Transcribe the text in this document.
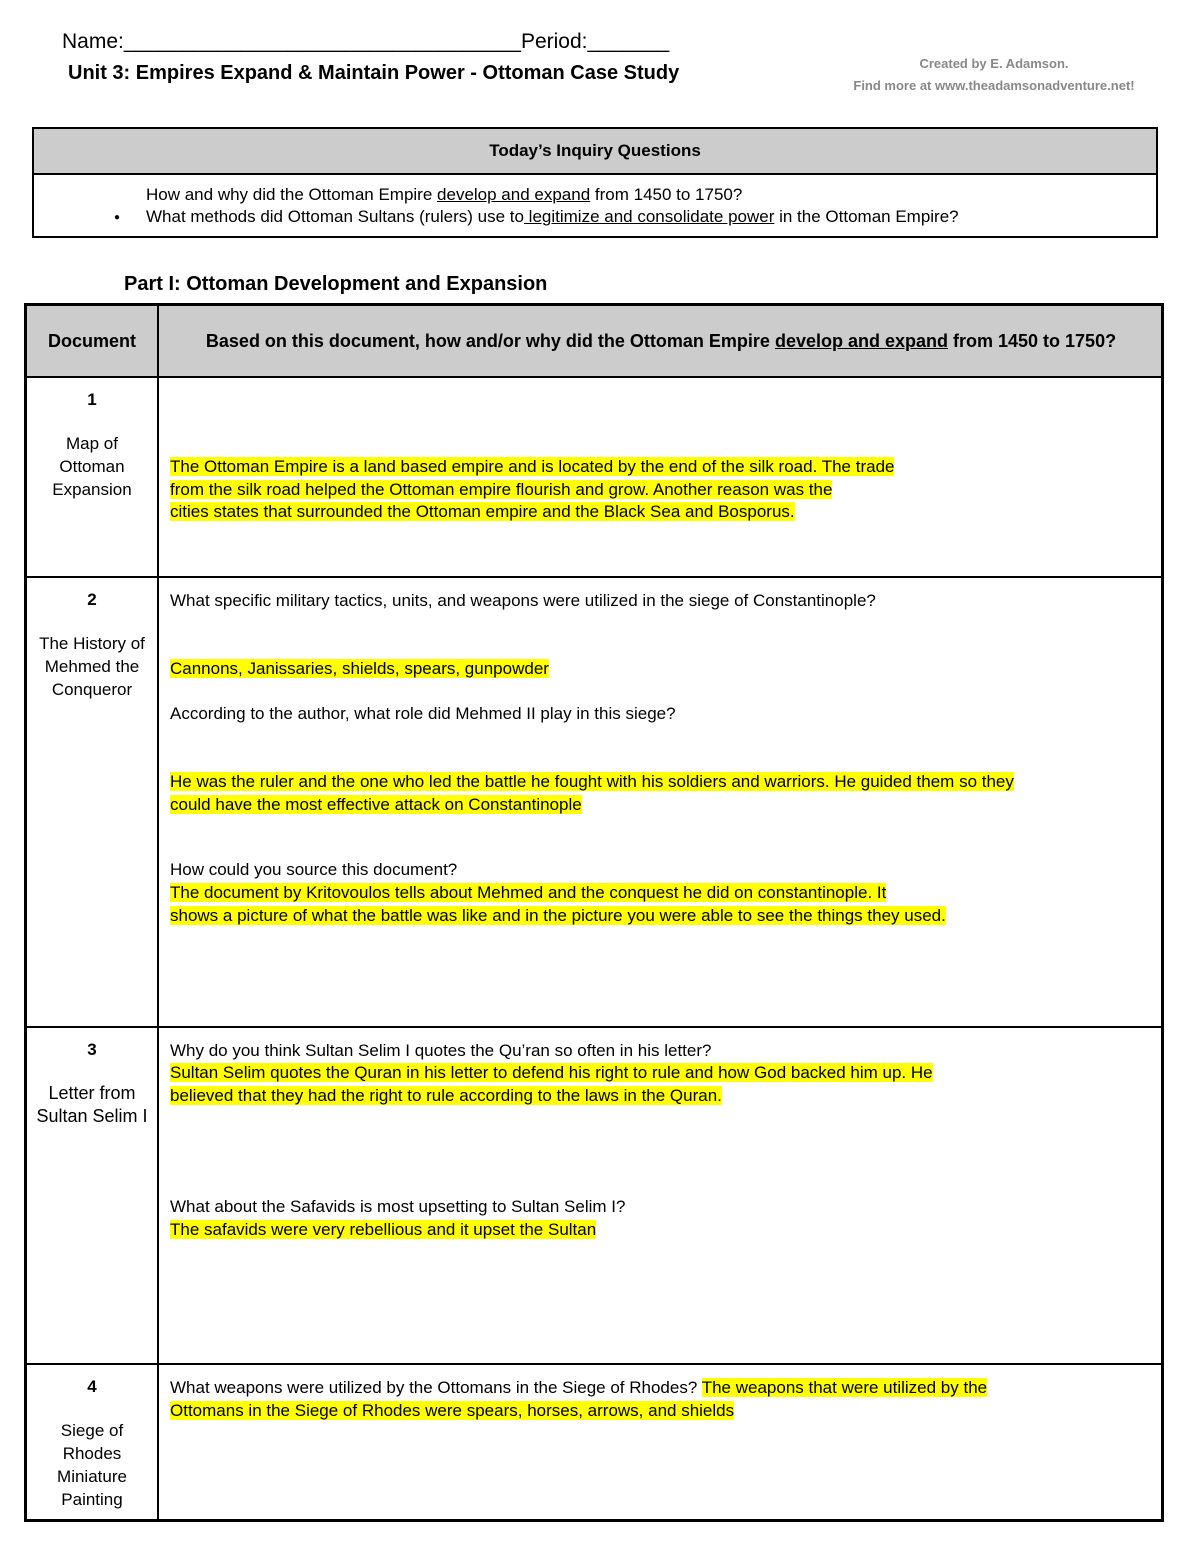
Name:__________________________________Period:_______
Unit 3: Empires Expand & Maintain Power - Ottoman Case Study	Created by E. Adamson.
Find more at www.theadamsonadventure.net!
Today’s Inquiry Questions
How and why did the Ottoman Empire develop and expand from 1450 to 1750?
● What methods did Ottoman Sultans (rulers) use to legitimize and consolidate power in the Ottoman Empire?
Part I: Ottoman Development and Expansion
Document	Based on this document, how and/or why did the Ottoman Empire develop and expand from 1450 to 1750?
1
Map of Ottoman Expansion
The Ottoman Empire is a land based empire and is located by the end of the silk road. The trade
from the silk road helped the Ottoman empire flourish and grow. Another reason was the
cities states that surrounded the Ottoman empire and the Black Sea and Bosporus.
2
The History of Mehmed the Conqueror
What specific military tactics, units, and weapons were utilized in the siege of Constantinople?
Cannons, Janissaries, shields, spears, gunpowder
According to the author, what role did Mehmed II play in this siege?
He was the ruler and the one who led the battle he fought with his soldiers and warriors. He guided them so they
could have the most effective attack on Constantinople
How could you source this document?
The document by Kritovoulos tells about Mehmed and the conquest he did on constantinople. It
shows a picture of what the battle was like and in the picture you were able to see the things they used.
3
Letter from Sultan Selim I
Why do you think Sultan Selim I quotes the Qu’ran so often in his letter?
Sultan Selim quotes the Quran in his letter to defend his right to rule and how God backed him up. He
believed that they had the right to rule according to the laws in the Quran.
What about the Safavids is most upsetting to Sultan Selim I?
The safavids were very rebellious and it upset the Sultan
4
Siege of Rhodes Miniature Painting
What weapons were utilized by the Ottomans in the Siege of Rhodes? The weapons that were utilized by the
Ottomans in the Siege of Rhodes were spears, horses, arrows, and shields
